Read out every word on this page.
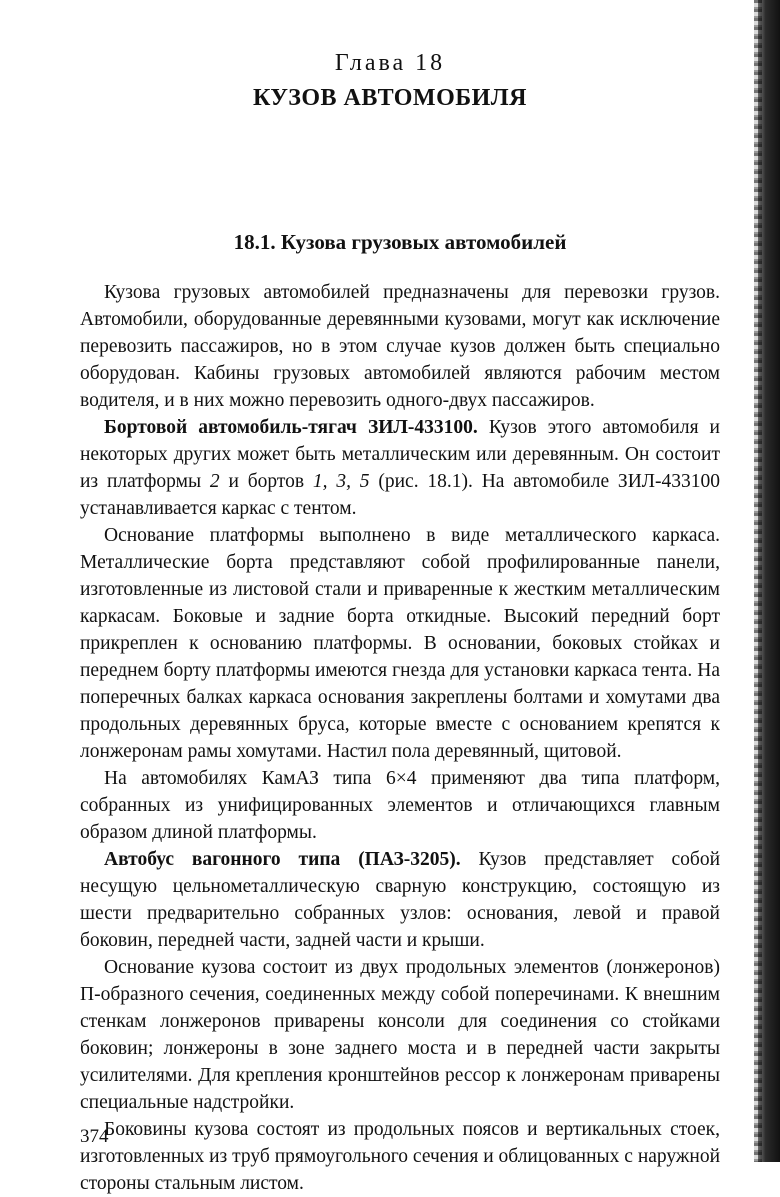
Глава 18
КУЗОВ АВТОМОБИЛЯ
18.1. Кузова грузовых автомобилей

Кузова грузовых автомобилей предназначены для перевозки грузов. Автомобили, оборудованные деревянными кузовами, могут как исключение перевозить пассажиров, но в этом случае кузов должен быть специально оборудован. Кабины грузовых автомобилей являются рабочим местом водителя, и в них можно перевозить одного-двух пассажиров.

Бортовой автомобиль-тягач ЗИЛ-433100. Кузов этого автомобиля и некоторых других может быть металлическим или деревянным. Он состоит из платформы 2 и бортов 1, 3, 5 (рис. 18.1). На автомобиле ЗИЛ-433100 устанавливается каркас с тентом.

Основание платформы выполнено в виде металлического каркаса. Металлические борта представляют собой профилированные панели, изготовленные из листовой стали и приваренные к жестким металлическим каркасам. Боковые и задние борта откидные. Высокий передний борт прикреплен к основанию платформы. В основании, боковых стойках и переднем борту платформы имеются гнезда для установки каркаса тента. На поперечных балках каркаса основания закреплены болтами и хомутами два продольных деревянных бруса, которые вместе с основанием крепятся к лонжеронам рамы хомутами. Настил пола деревянный, щитовой.

На автомобилях КамАЗ типа 6×4 применяют два типа платформ, собранных из унифицированных элементов и отличающихся главным образом длиной платформы.

Автобус вагонного типа (ПАЗ-3205). Кузов представляет собой несущую цельнометаллическую сварную конструкцию, состоящую из шести предварительно собранных узлов: основания, левой и правой боковин, передней части, задней части и крыши.

Основание кузова состоит из двух продольных элементов (лонжеронов) П-образного сечения, соединенных между собой поперечинами. К внешним стенкам лонжеронов приварены консоли для соединения со стойками боковин; лонжероны в зоне заднего моста и в передней части закрыты усилителями. Для крепления кронштейнов рессор к лонжеронам приварены специальные надстройки.

Боковины кузова состоят из продольных поясов и вертикальных стоек, изготовленных из труб прямоугольного сечения и облицованных с наружной стороны стальным листом.

374
